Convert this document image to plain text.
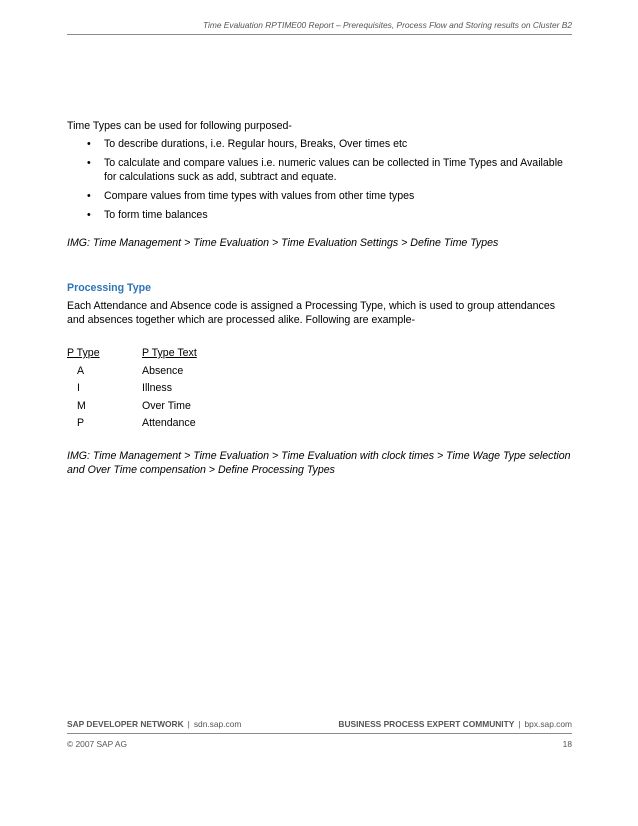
Time Evaluation RPTIME00 Report – Prerequisites, Process Flow and Storing results on Cluster B2

Time Types can be used for following purposed-

• To describe durations, i.e. Regular hours, Breaks, Over times etc
• To calculate and compare values i.e. numeric values can be collected in Time Types and Available for calculations suck as add, subtract and equate.
• Compare values from time types with values from other time types
• To form time balances

IMG: Time Management > Time Evaluation > Time Evaluation Settings > Define Time Types

Processing Type

Each Attendance and Absence code is assigned a Processing Type, which is used to group attendances and absences together which are processed alike. Following are example-

P Type	P Type Text
A	Absence
I	Illness
M	Over Time
P	Attendance

IMG: Time Management > Time Evaluation > Time Evaluation with clock times > Time Wage Type selection and Over Time compensation > Define Processing Types

SAP DEVELOPER NETWORK | sdn.sap.com	BUSINESS PROCESS EXPERT COMMUNITY | bpx.sap.com
© 2007 SAP AG	18
